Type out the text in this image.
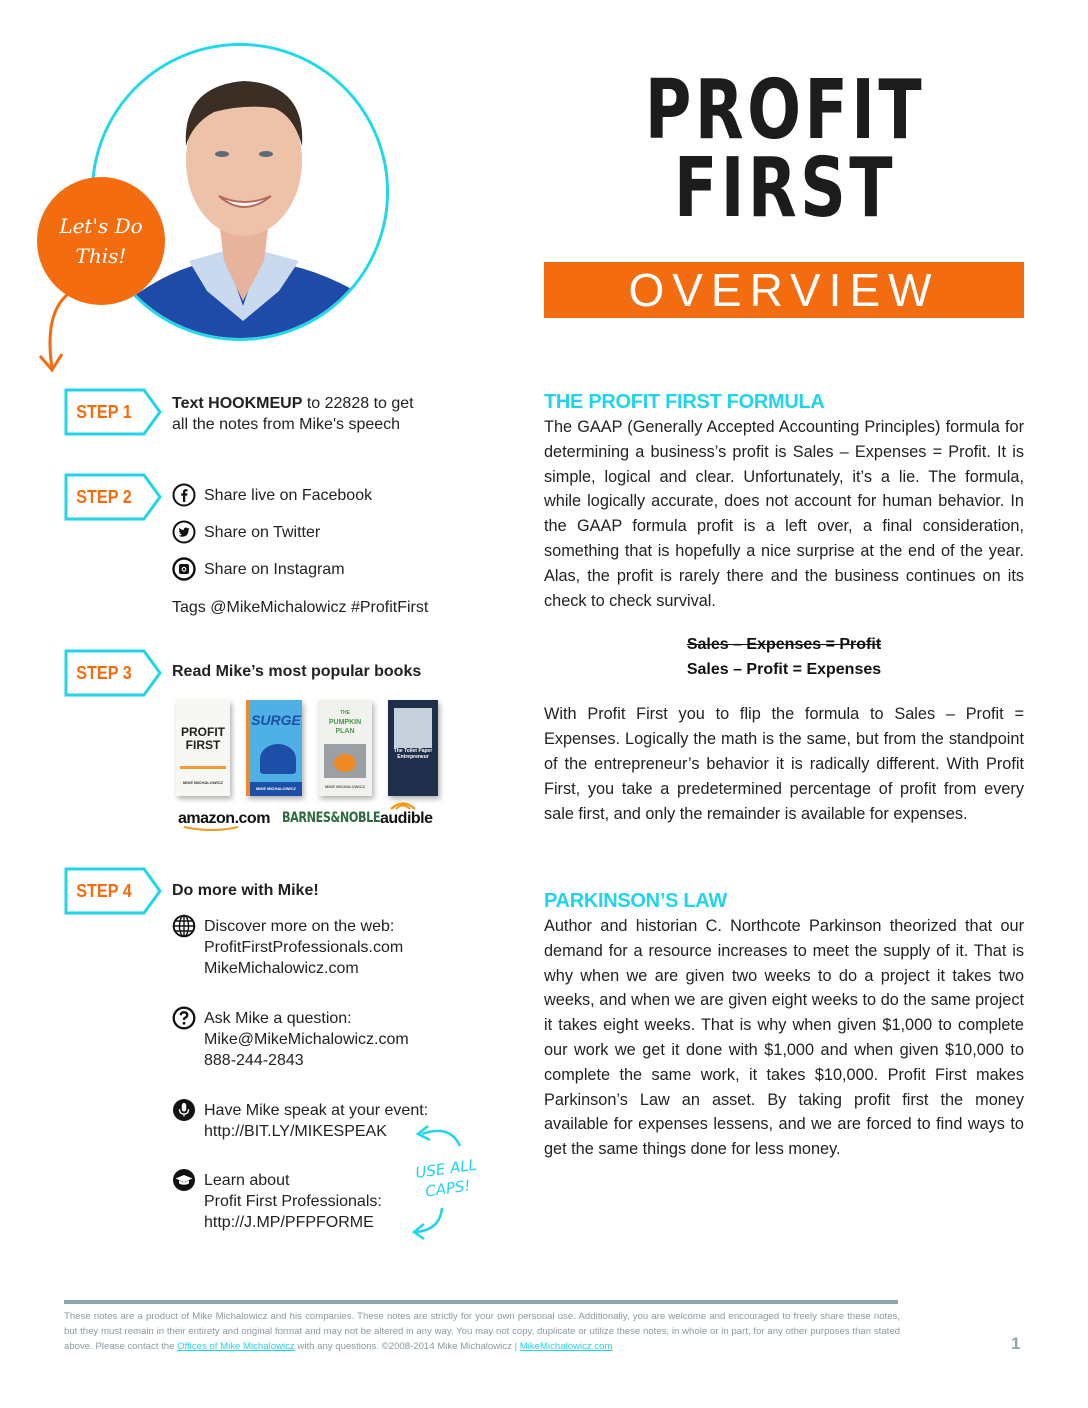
Let's Do
This!
PROFIT
FIRST
OVERVIEW
STEP 1	Text HOOKMEUP to 22828 to get
all the notes from Mike's speech
STEP 2	Share live on Facebook
Share on Twitter
Share on Instagram
Tags @MikeMichalowicz #ProfitFirst
STEP 3	Read Mike’s most popular books
PROFIT
FIRST
MIKE MICHALOWICZ
SURGE
MIKE MICHALOWICZ
THE
PUMPKIN PLAN
MIKE MICHALOWICZ
The Toilet Paper
Entrepreneur
amazon.com BARNES&NOBLE audible
STEP 4	Do more with Mike!
Discover more on the web:
ProfitFirstProfessionals.com
MikeMichalowicz.com
Ask Mike a question:
Mike@MikeMichalowicz.com
888-244-2843
Have Mike speak at your event:
http://BIT.LY/MIKESPEAK
Learn about
Profit First Professionals:
http://J.MP/PFPFORME
USE ALL
CAPS!
THE PROFIT FIRST FORMULA

The GAAP (Generally Accepted Accounting Principles) formula for determining a business’s profit is Sales – Expenses = Profit. It is simple, logical and clear. Unfortunately, it’s a lie. The formula, while logically accurate, does not account for human behavior. In the GAAP formula profit is a left over, a final consideration, something that is hopefully a nice surprise at the end of the year. Alas, the profit is rarely there and the business continues on its check to check survival.

Sales – Expenses = Profit
Sales – Profit = Expenses

With Profit First you to flip the formula to Sales – Profit = Expenses. Logically the math is the same, but from the standpoint of the entrepreneur’s behavior it is radically different. With Profit First, you take a predetermined percentage of profit from every sale first, and only the remainder is available for expenses.

PARKINSON’S LAW

Author and historian C. Northcote Parkinson theorized that our demand for a resource increases to meet the supply of it. That is why when we are given two weeks to do a project it takes two weeks, and when we are given eight weeks to do the same project it takes eight weeks. That is why when given $1,000 to complete our work we get it done with $1,000 and when given $10,000 to complete the same work, it takes $10,000. Profit First makes Parkinson’s Law an asset. By taking profit first the money available for expenses lessens, and we are forced to find ways to get the same things done for less money.

These notes are a product of Mike Michalowicz and his companies. These notes are strictly for your own personal use. Additionally, you are welcome and encouraged to freely share these notes, but they must remain in their entirety and original format and may not be altered in any way. You may not copy, duplicate or utilize these notes, in whole or in part, for any other purposes than stated above. Please contact the Offices of Mike Michalowicz with any questions. ©2008-2014 Mike Michalowicz | MikeMichalowicz.com	1
